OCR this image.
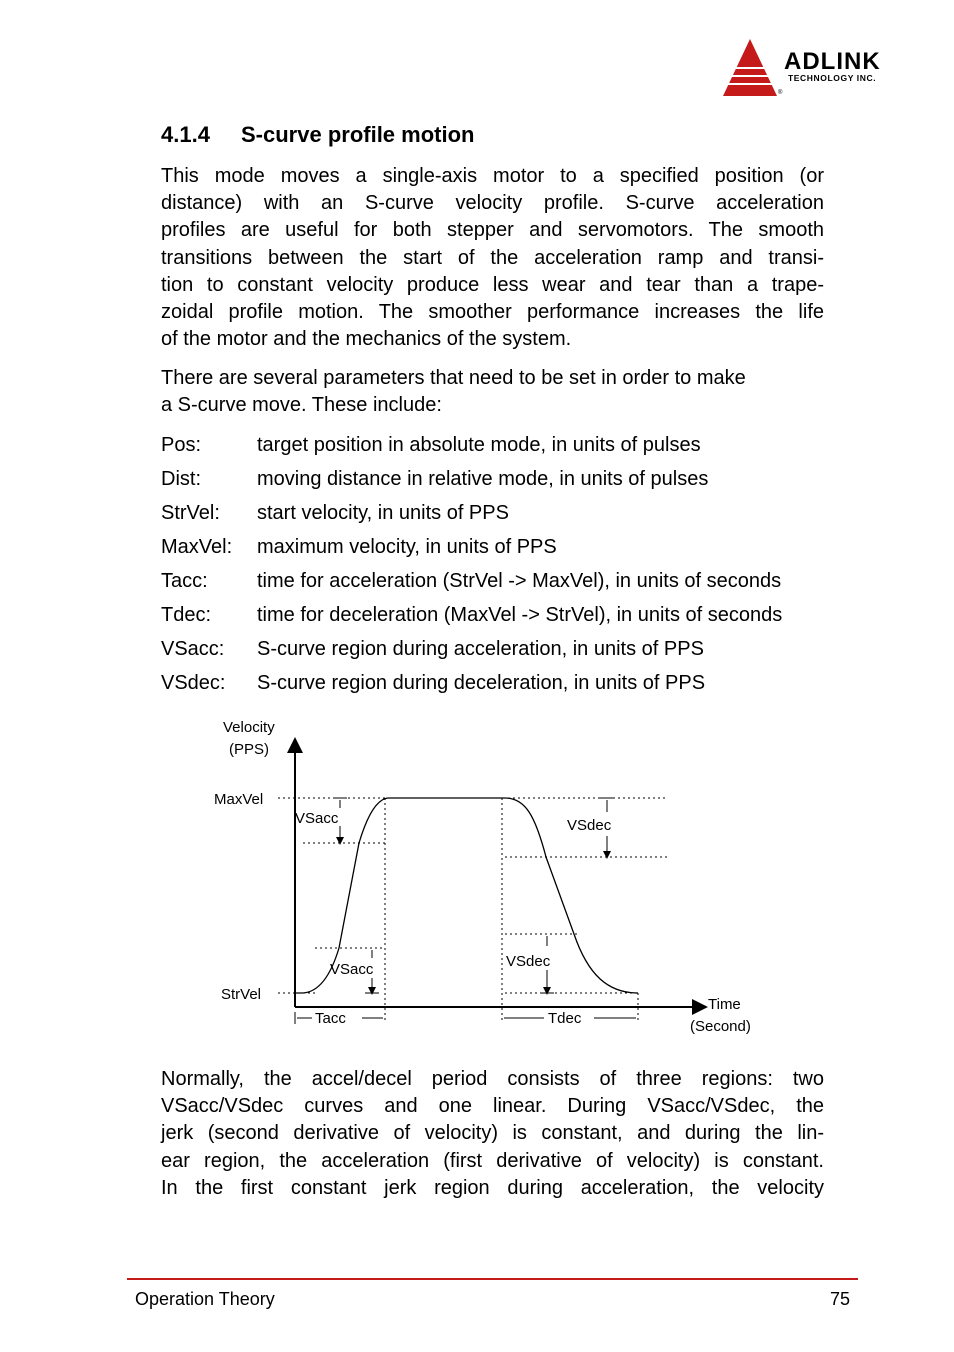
ADLINK
TECHNOLOGY INC.
®
4.1.4 S-curve profile motion
This mode moves a single-axis motor to a specified position (or
distance) with an S-curve velocity profile. S-curve acceleration
profiles are useful for both stepper and servomotors. The smooth
transitions between the start of the acceleration ramp and transi-
tion to constant velocity produce less wear and tear than a trape-
zoidal profile motion. The smoother performance increases the life
of the motor and the mechanics of the system.
There are several parameters that need to be set in order to make
a S-curve move. These include:
Pos:	target position in absolute mode, in units of pulses
Dist:	moving distance in relative mode, in units of pulses
StrVel: start velocity, in units of PPS
MaxVel: maximum velocity, in units of PPS
Tacc: time for acceleration (StrVel -> MaxVel), in units of seconds
Tdec: time for deceleration (MaxVel -> StrVel), in units of seconds
VSacc: S-curve region during acceleration, in units of PPS
VSdec: S-curve region during deceleration, in units of PPS
Velocity
(PPS)
MaxVel
StrVel
VSacc
VSacc
VSdec
VSdec
Tacc	Tdec
Time
(Second)
Normally, the accel/decel period consists of three regions: two
VSacc/VSdec curves and one linear. During VSacc/VSdec, the
jerk (second derivative of velocity) is constant, and during the lin-
ear region, the acceleration (first derivative of velocity) is constant.
In the first constant jerk region during acceleration, the velocity
Operation Theory	75
